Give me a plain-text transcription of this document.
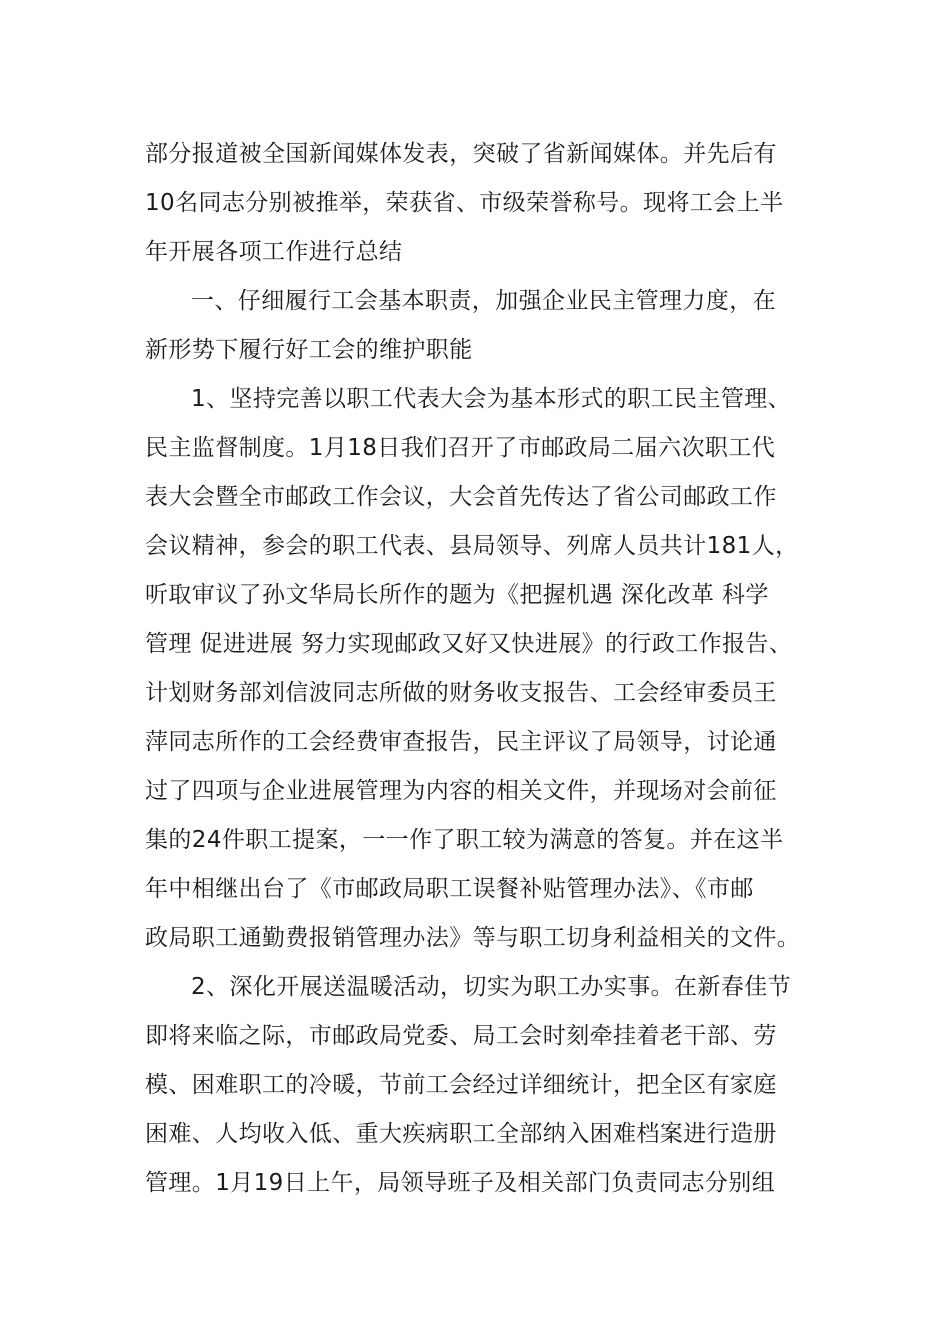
部分报道被全国新闻媒体发表，突破了省新闻媒体。并先后有
10名同志分别被推举，荣获省、市级荣誉称号。现将工会上半
年开展各项工作进行总结
一、仔细履行工会基本职责，加强企业民主管理力度，在
新形势下履行好工会的维护职能
1、坚持完善以职工代表大会为基本形式的职工民主管理、
民主监督制度。1月18日我们召开了市邮政局二届六次职工代
表大会暨全市邮政工作会议，大会首先传达了省公司邮政工作
会议精神，参会的职工代表、县局领导、列席人员共计181人，
听取审议了孙文华局长所作的题为《把握机遇 深化改革 科学
管理 促进进展 努力实现邮政又好又快进展》的行政工作报告、
计划财务部刘信波同志所做的财务收支报告、工会经审委员王
萍同志所作的工会经费审查报告，民主评议了局领导，讨论通
过了四项与企业进展管理为内容的相关文件，并现场对会前征
集的24件职工提案，一一作了职工较为满意的答复。并在这半
年中相继出台了《市邮政局职工误餐补贴管理办法》、《市邮
政局职工通勤费报销管理办法》等与职工切身利益相关的文件。
2、深化开展送温暖活动，切实为职工办实事。在新春佳节
即将来临之际，市邮政局党委、局工会时刻牵挂着老干部、劳
模、困难职工的冷暖，节前工会经过详细统计，把全区有家庭
困难、人均收入低、重大疾病职工全部纳入困难档案进行造册
管理。1月19日上午，局领导班子及相关部门负责同志分别组
